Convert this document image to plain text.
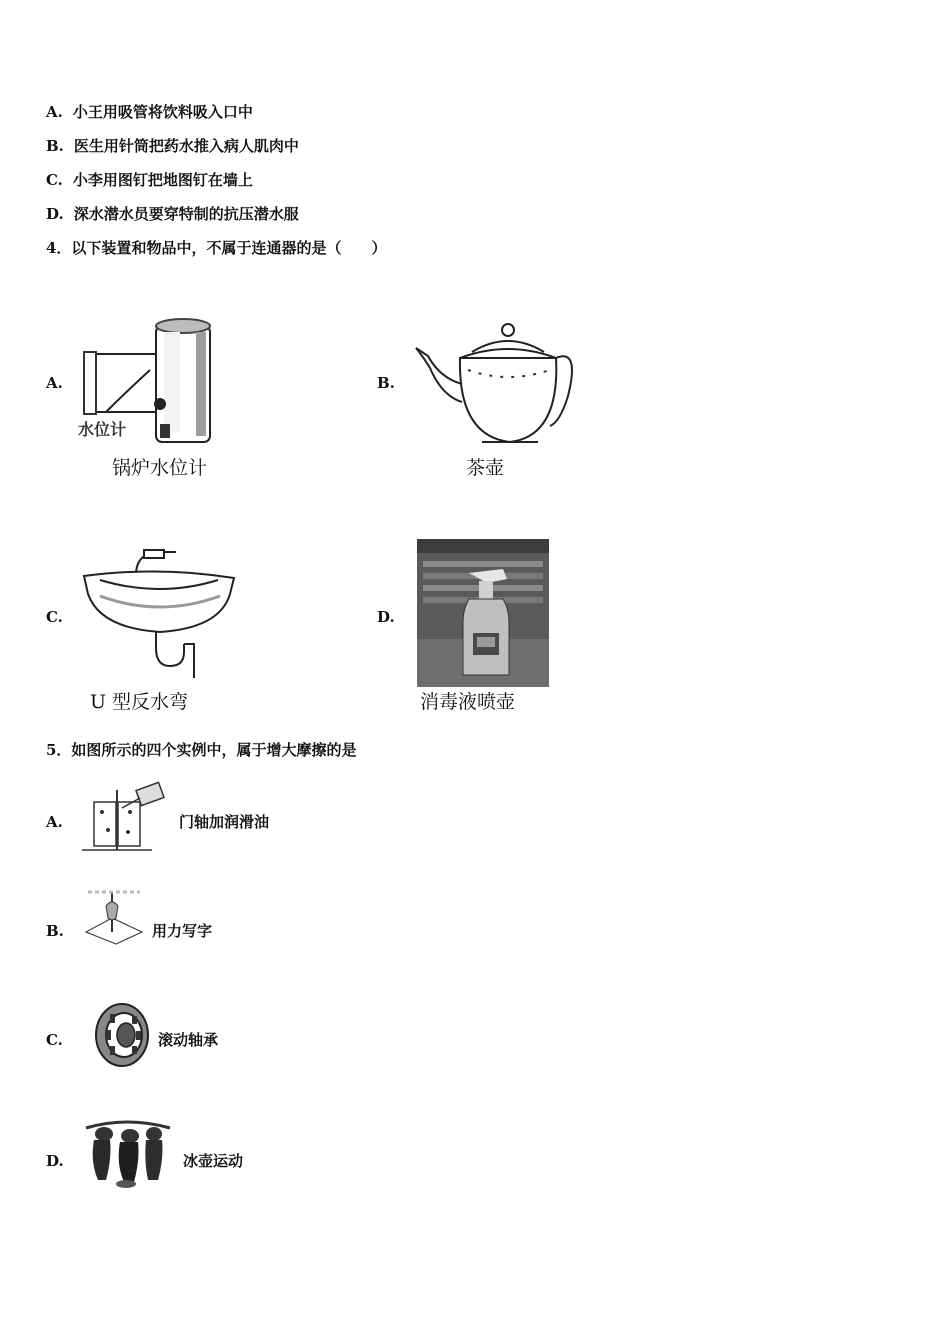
A. 小王用吸管将饮料吸入口中
B. 医生用针筒把药水推入病人肌肉中
C. 小李用图钉把地图钉在墙上
D. 深水潜水员要穿特制的抗压潜水服
4．以下装置和物品中，不属于连通器的是（　　）
A.
水位计
锅炉水位计
B.
茶壶
C.
U 型反水弯
D.
消毒液喷壶
5．如图所示的四个实例中，属于增大摩擦的是
A.	门轴加润滑油
B.	用力写字
C.	滚动轴承
D.	冰壶运动
